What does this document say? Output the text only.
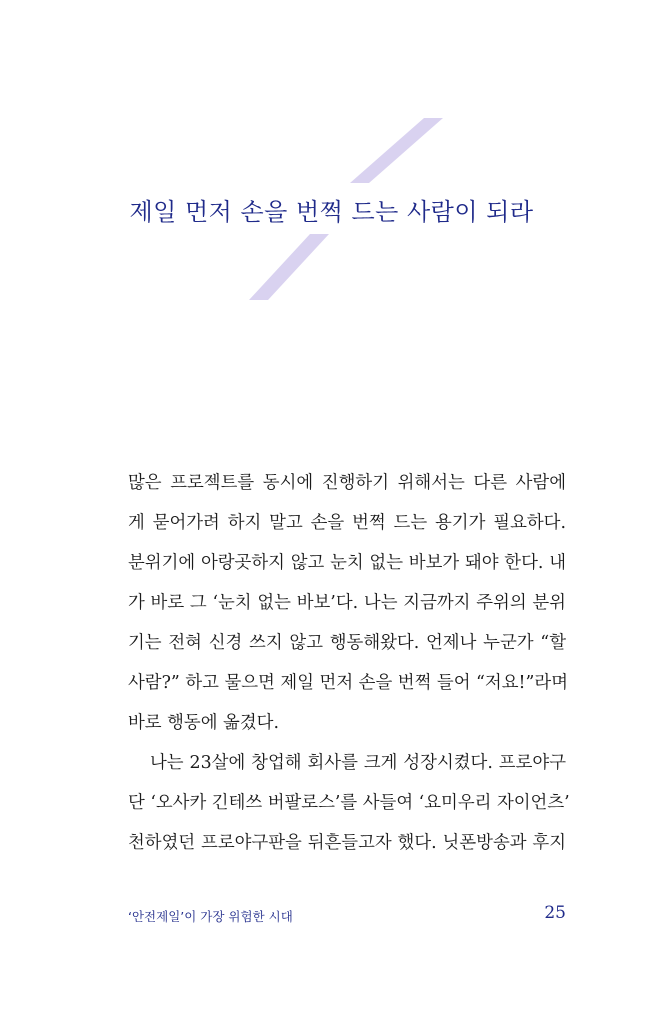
제일 먼저 손을 번쩍 드는 사람이 되라
많은 프로젝트를 동시에 진행하기 위해서는 다른 사람에
게 묻어가려 하지 말고 손을 번쩍 드는 용기가 필요하다.
분위기에 아랑곳하지 않고 눈치 없는 바보가 돼야 한다. 내
가 바로 그 ‘눈치 없는 바보’다. 나는 지금까지 주위의 분위
기는 전혀 신경 쓰지 않고 행동해왔다. 언제나 누군가 “할
사람?” 하고 물으면 제일 먼저 손을 번쩍 들어 “저요!”라며
바로 행동에 옮겼다.
나는 23살에 창업해 회사를 크게 성장시켰다. 프로야구
단 ‘오사카 긴테쓰 버팔로스’를 사들여 ‘요미우리 자이언츠’
천하였던 프로야구판을 뒤흔들고자 했다. 닛폰방송과 후지
‘안전제일’이 가장 위험한 시대	25
